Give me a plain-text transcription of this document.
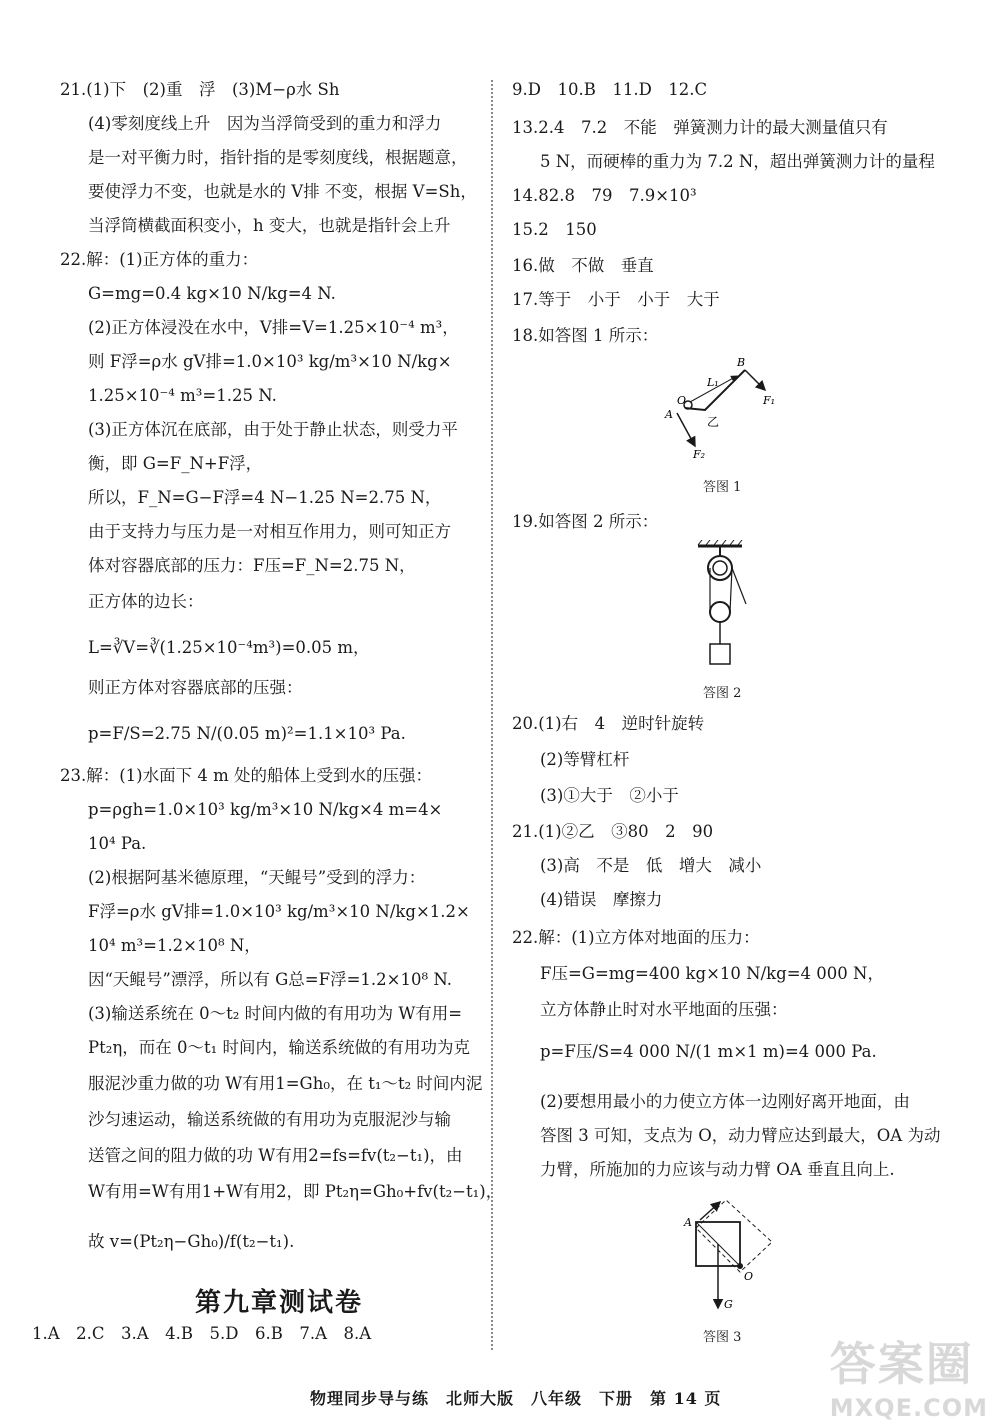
21.(1)下　(2)重　浮　(3)M−ρ水 Sh
(4)零刻度线上升　因为当浮筒受到的重力和浮力
是一对平衡力时，指针指的是零刻度线，根据题意，
要使浮力不变，也就是水的 V排 不变，根据 V=Sh，
当浮筒横截面积变小，h 变大，也就是指针会上升
22.解：(1)正方体的重力：
G=mg=0.4 kg×10 N/kg=4 N.
(2)正方体浸没在水中，V排=V=1.25×10⁻⁴ m³，
则 F浮=ρ水 gV排=1.0×10³ kg/m³×10 N/kg×
1.25×10⁻⁴ m³=1.25 N.
(3)正方体沉在底部，由于处于静止状态，则受力平
衡，即 G=F_N+F浮，
所以，F_N=G−F浮=4 N−1.25 N=2.75 N，
由于支持力与压力是一对相互作用力，则可知正方
体对容器底部的压力：F压=F_N=2.75 N，
正方体的边长：
L=∛V=∛(1.25×10⁻⁴m³)=0.05 m，
则正方体对容器底部的压强：
p=F/S=2.75 N/(0.05 m)²=1.1×10³ Pa.
23.解：(1)水面下 4 m 处的船体上受到水的压强：
p=ρgh=1.0×10³ kg/m³×10 N/kg×4 m=4×
10⁴ Pa.
(2)根据阿基米德原理，“天鲲号”受到的浮力：
F浮=ρ水 gV排=1.0×10³ kg/m³×10 N/kg×1.2×
10⁴ m³=1.2×10⁸ N，
因“天鲲号”漂浮，所以有 G总=F浮=1.2×10⁸ N.
(3)输送系统在 0～t₂ 时间内做的有用功为 W有用=
Pt₂η，而在 0～t₁ 时间内，输送系统做的有用功为克
服泥沙重力做的功 W有用1=Gh₀，在 t₁～t₂ 时间内泥
沙匀速运动，输送系统做的有用功为克服泥沙与输
送管之间的阻力做的功 W有用2=fs=fv(t₂−t₁)，由
W有用=W有用1+W有用2，即 Pt₂η=Gh₀+fv(t₂−t₁)，
故 v=(Pt₂η−Gh₀)/f(t₂−t₁).
第九章测试卷
1.A　2.C　3.A　4.B　5.D　6.B　7.A　8.A
9.D　10.B　11.D　12.C
13.2.4　7.2　不能　弹簧测力计的最大测量值只有
5 N，而硬棒的重力为 7.2 N，超出弹簧测力计的量程
14.82.8　79　7.9×10³
15.2　150
16.做　不做　垂直
17.等于　小于　小于　大于
18.如答图 1 所示：
19.如答图 2 所示：
20.(1)右　4　逆时针旋转
(2)等臂杠杆
(3)①大于　②小于
21.(1)②乙　③80　2　90
(3)高　不是　低　增大　减小
(4)错误　摩擦力
22.解：(1)立方体对地面的压力：
F压=G=mg=400 kg×10 N/kg=4 000 N，
立方体静止时对水平地面的压强：
p=F压/S=4 000 N/(1 m×1 m)=4 000 Pa.
(2)要想用最小的力使立方体一边刚好离开地面，由
答图 3 可知，支点为 O，动力臂应达到最大，OA 为动
力臂，所施加的力应该与动力臂 OA 垂直且向上.
A
O
L₁
B
F₁
F₂
乙
答图 1
答图 2
A
O
G
答图 3
物理同步导与练　北师大版　八年级　下册　第 14 页
答案圈
MXQE.COM
